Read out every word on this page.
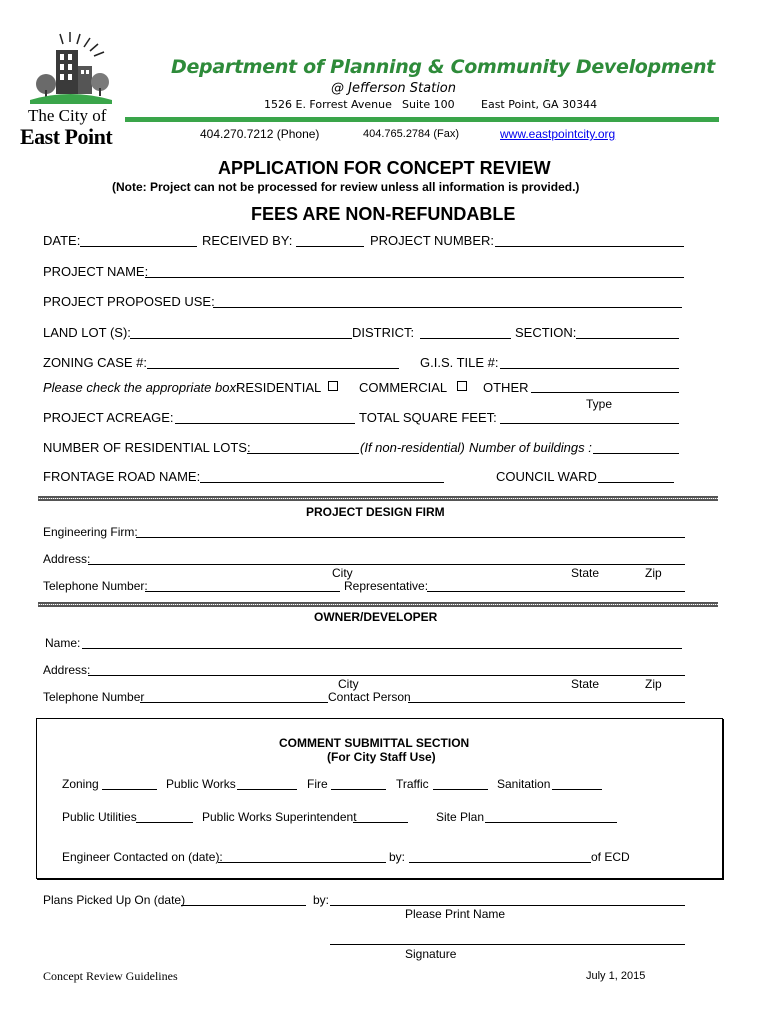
The City of
East Point
Department of Planning & Community Development
@ Jefferson Station
1526 E. Forrest Avenue Suite 100 East Point, GA 30344
404.270.7212 (Phone)	404.765.2784 (Fax)	www.eastpointcity.org
APPLICATION FOR CONCEPT REVIEW
(Note: Project can not be processed for review unless all information is provided.)
FEES ARE NON-REFUNDABLE
DATE:	RECEIVED BY:	PROJECT NUMBER:
PROJECT NAME:
PROJECT PROPOSED USE:
LAND LOT (S):	DISTRICT:	SECTION:
ZONING CASE #:	G.I.S. TILE #:
Please check the appropriate box:
RESIDENTIAL	COMMERCIAL	OTHER
Type
PROJECT ACREAGE:	TOTAL SQUARE FEET:
NUMBER OF RESIDENTIAL LOTS:	(If non-residential) Number of buildings :
FRONTAGE ROAD NAME:	COUNCIL WARD
PROJECT DESIGN FIRM
Engineering Firm:
Address:
City	State	Zip
Telephone Number:	Representative:
OWNER/DEVELOPER
Name:
Address:
City	State	Zip
Telephone Number	Contact Person
COMMENT SUBMITTAL SECTION
(For City Staff Use)
Zoning	Public Works	Fire	Traffic	Sanitation
Public Utilities	Public Works Superintendent	Site Plan
Engineer Contacted on (date):	by:	of ECD
Plans Picked Up On (date)	by:
Please Print Name
Signature
Concept Review Guidelines	July 1, 2015
